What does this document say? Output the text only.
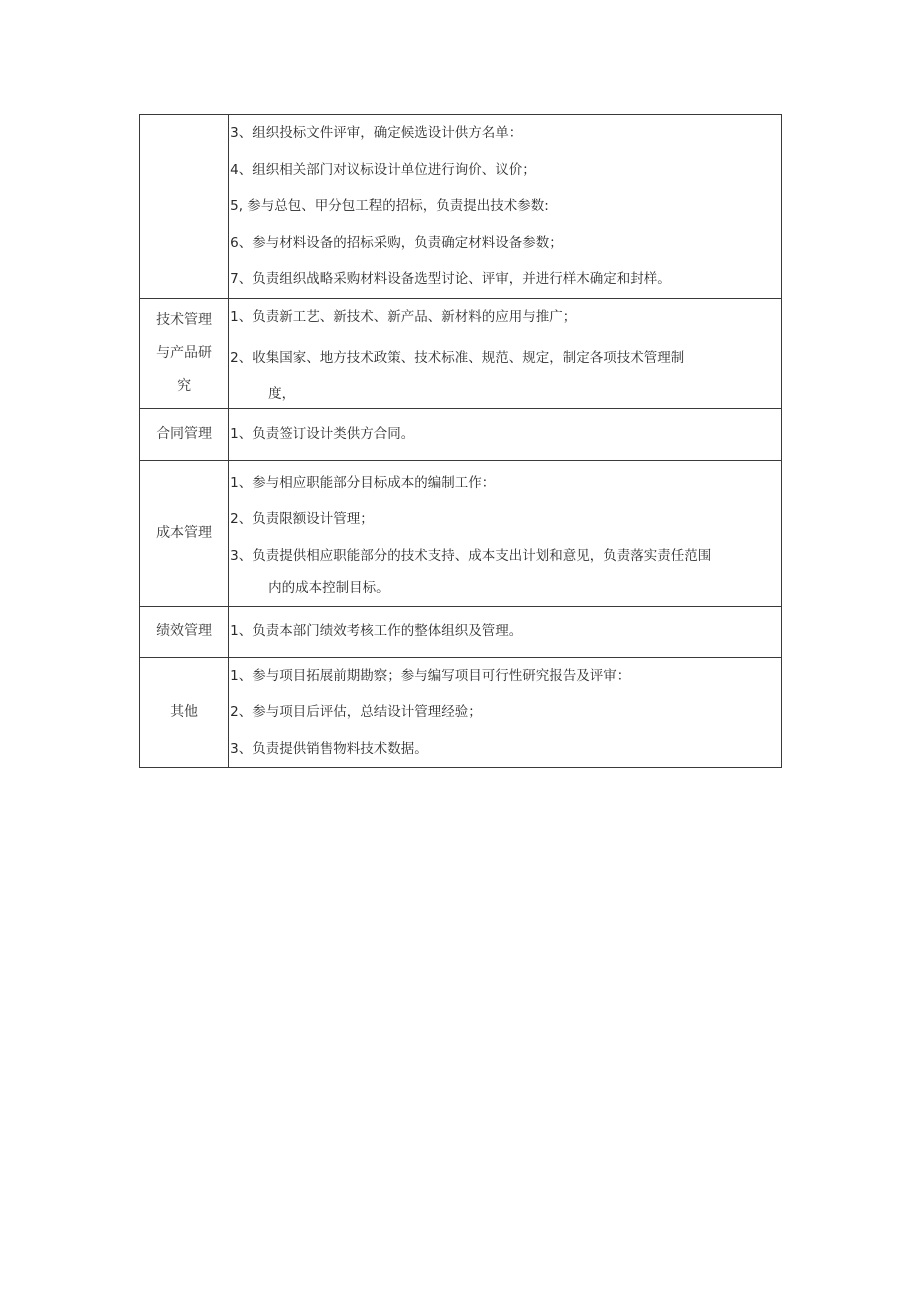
	3、组织投标文件评审，确定候选设计供方名单：
4、组织相关部门对议标设计单位进行询价、议价；
5, 参与总包、甲分包工程的招标，负责提出技术参数:
6、参与材料设备的招标采购，负责确定材料设备参数；
7、负责组织战略采购材料设备选型讨论、评审，并进行样木确定和封样。

技术管理与产品研究	1、负责新工艺、新技术、新产品、新材料的应用与推广；
2、收集国家、地方技术政策、技术标准、规范、规定，制定各项技术管理制
度，

合同管理	1、负责签订设计类供方合同。

成本管理	1、参与相应职能部分目标成本的编制工作：
2、负责限额设计管理；
3、负责提供相应职能部分的技术支持、成本支出计划和意见，负责落实责任范围
内的成本控制目标。

绩效管理	1、负责本部门绩效考核工作的整体组织及管理。

其他	1、参与项目拓展前期勘察；参与编写项目可行性研究报告及评审：
2、参与项目后评估，总结设计管理经验；
3、负责提供销售物料技术数据。
